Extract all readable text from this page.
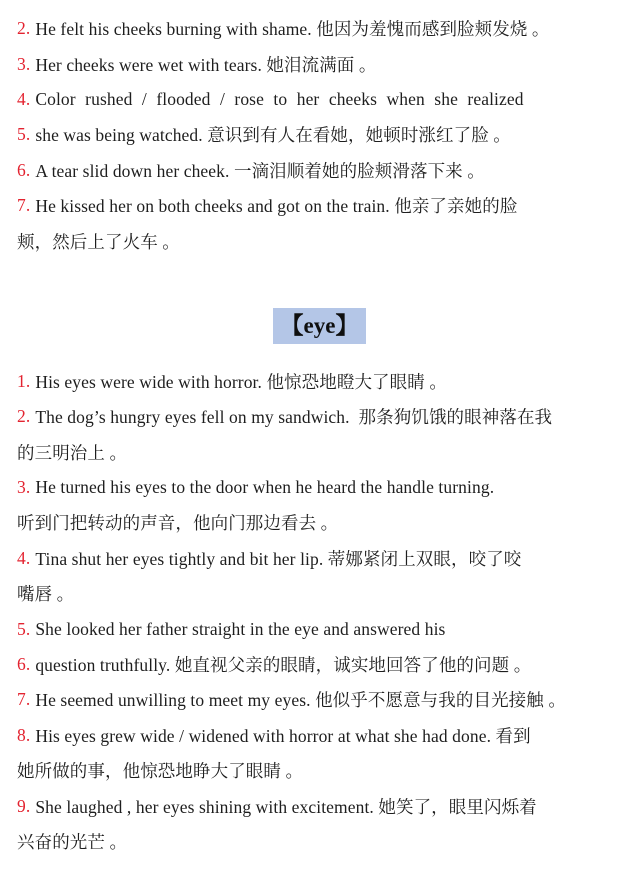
2. He felt his cheeks burning with shame. 他因为羞愧而感到脸颊发烧 。
3. Her cheeks were wet with tears. 她泪流满面 。
4. Color rushed / flooded / rose to her cheeks when she realized
5. she was being watched. 意识到有人在看她，她顿时涨红了脸 。
6. A tear slid down her cheek. 一滴泪顺着她的脸颊滑落下来 。
7. He kissed her on both cheeks and got on the train. 他亲了亲她的脸
颊，然后上了火车 。
【eye】
1. His eyes were wide with horror. 他惊恐地瞪大了眼睛 。
2. The dog’s hungry eyes fell on my sandwich.  那条狗饥饿的眼神落在我
的三明治上 。
3. He turned his eyes to the door when he heard the handle turning.
听到门把转动的声音，他向门那边看去 。
4. Tina shut her eyes tightly and bit her lip. 蒂娜紧闭上双眼，咬了咬
嘴唇 。
5. She looked her father straight in the eye and answered his
6. question truthfully. 她直视父亲的眼睛，诚实地回答了他的问题 。
7. He seemed unwilling to meet my eyes. 他似乎不愿意与我的目光接触 。
8. His eyes grew wide / widened with horror at what she had done. 看到
她所做的事，他惊恐地睁大了眼睛 。
9. She laughed , her eyes shining with excitement. 她笑了，眼里闪烁着
兴奋的光芒 。
